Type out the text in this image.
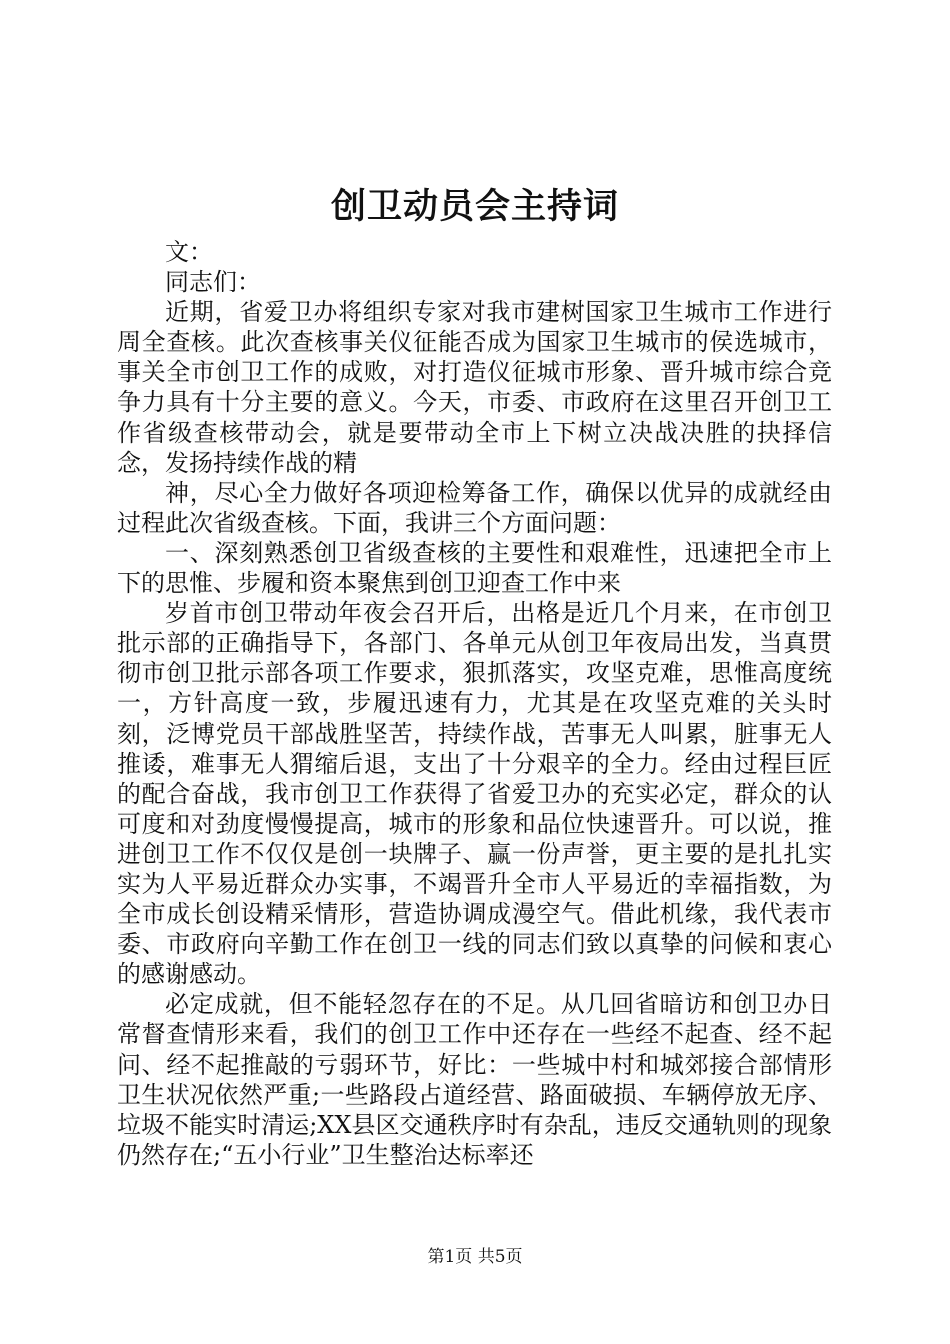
创卫动员会主持词

文：

同志们：

近期，省爱卫办将组织专家对我市建树国家卫生城市工作进行周全查核。此次查核事关仪征能否成为国家卫生城市的侯选城市，事关全市创卫工作的成败，对打造仪征城市形象、晋升城市综合竞争力具有十分主要的意义。今天，市委、市政府在这里召开创卫工作省级查核带动会，就是要带动全市上下树立决战决胜的抉择信念，发扬持续作战的精

神，尽心全力做好各项迎检筹备工作，确保以优异的成就经由过程此次省级查核。下面，我讲三个方面问题：

一、深刻熟悉创卫省级查核的主要性和艰难性，迅速把全市上下的思惟、步履和资本聚焦到创卫迎查工作中来

岁首市创卫带动年夜会召开后，出格是近几个月来，在市创卫批示部的正确指导下，各部门、各单元从创卫年夜局出发，当真贯彻市创卫批示部各项工作要求，狠抓落实，攻坚克难，思惟高度统一，方针高度一致，步履迅速有力，尤其是在攻坚克难的关头时刻，泛博党员干部战胜坚苦，持续作战，苦事无人叫累，脏事无人推诿，难事无人猬缩后退，支出了十分艰辛的全力。经由过程巨匠的配合奋战，我市创卫工作获得了省爱卫办的充实必定，群众的认可度和对劲度慢慢提高，城市的形象和品位快速晋升。可以说，推进创卫工作不仅仅是创一块牌子、赢一份声誉，更主要的是扎扎实实为人平易近群众办实事，不竭晋升全市人平易近的幸福指数，为全市成长创设精采情形，营造协调成漫空气。借此机缘，我代表市委、市政府向辛勤工作在创卫一线的同志们致以真挚的问候和衷心的感谢感动。

必定成就，但不能轻忽存在的不足。从几回省暗访和创卫办日常督查情形来看，我们的创卫工作中还存在一些经不起查、经不起问、经不起推敲的亏弱环节，好比：一些城中村和城郊接合部情形卫生状况依然严重;一些路段占道经营、路面破损、车辆停放无序、垃圾不能实时清运;XX县区交通秩序时有杂乱，违反交通轨则的现象仍然存在;“五小行业”卫生整治达标率还

第1页 共5页
